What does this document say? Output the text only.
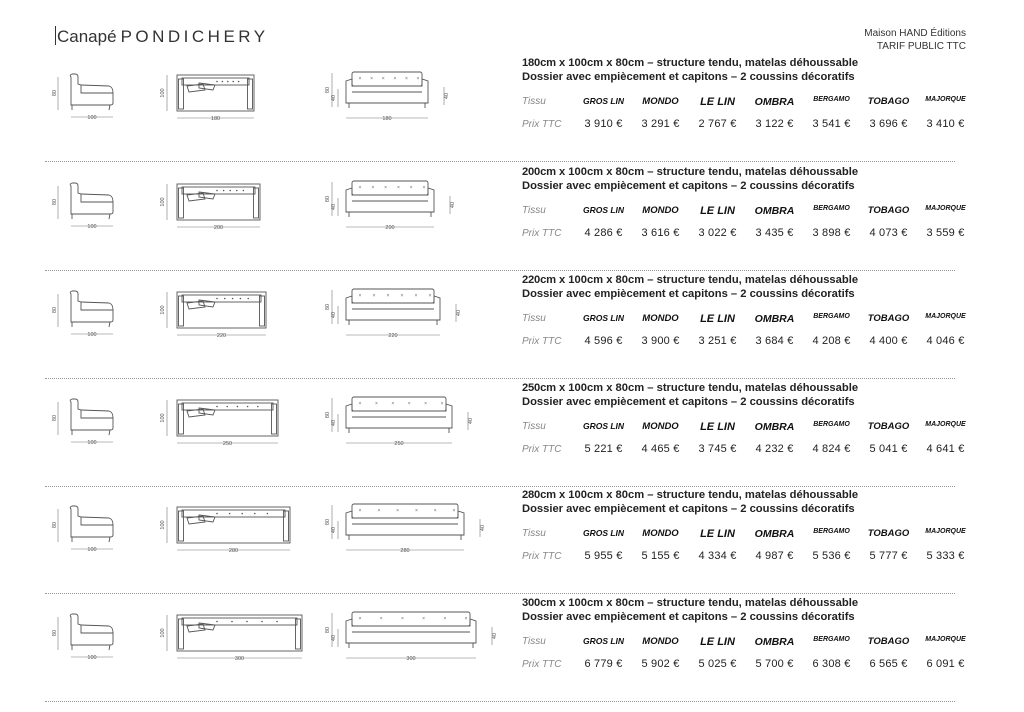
Canapé PONDICHERY	Maison HAND Éditions
TARIF PUBLIC TTC
80
100
100
180
× × × × × ×
80
40	40
180
180cm x 100cm x 80cm – structure tendu, matelas déhoussable
Dossier avec empiècement et capitons – 2 coussins décoratifs
Tissu	GROS LIN	MONDO	LE LIN	OMBRA	BERGAMO	TOBAGO	MAJORQUE
Prix TTC	3 910 €	3 291 €	2 767 €	3 122 €	3 541 €	3 696 €	3 410 €
80
100
100
200
× × × × × ×
80
40	40
200
200cm x 100cm x 80cm – structure tendu, matelas déhoussable
Dossier avec empiècement et capitons – 2 coussins décoratifs
Tissu	GROS LIN	MONDO	LE LIN	OMBRA	BERGAMO	TOBAGO	MAJORQUE
Prix TTC	4 286 €	3 616 €	3 022 €	3 435 €	3 898 €	4 073 €	3 559 €
80
100
100
220
× × × × × ×
80
40	40
220
220cm x 100cm x 80cm – structure tendu, matelas déhoussable
Dossier avec empiècement et capitons – 2 coussins décoratifs
Tissu	GROS LIN	MONDO	LE LIN	OMBRA	BERGAMO	TOBAGO	MAJORQUE
Prix TTC	4 596 €	3 900 €	3 251 €	3 684 €	4 208 €	4 400 €	4 046 €
80
100
100
250
×	×	×	×	×	×
80
40	40
250
250cm x 100cm x 80cm – structure tendu, matelas déhoussable
Dossier avec empiècement et capitons – 2 coussins décoratifs
Tissu	GROS LIN	MONDO	LE LIN	OMBRA	BERGAMO	TOBAGO	MAJORQUE
Prix TTC	5 221 €	4 465 €	3 745 €	4 232 €	4 824 €	5 041 €	4 641 €
80
100
100
280
×	×	×	×	×	×
80
40	40
280
280cm x 100cm x 80cm – structure tendu, matelas déhoussable
Dossier avec empiècement et capitons – 2 coussins décoratifs
Tissu	GROS LIN	MONDO	LE LIN	OMBRA	BERGAMO	TOBAGO	MAJORQUE
Prix TTC	5 955 €	5 155 €	4 334 €	4 987 €	5 536 €	5 777 €	5 333 €
80
100
100
300
×	×	×	×	×	×
80
40	40
300
300cm x 100cm x 80cm – structure tendu, matelas déhoussable
Dossier avec empiècement et capitons – 2 coussins décoratifs
Tissu	GROS LIN	MONDO	LE LIN	OMBRA	BERGAMO	TOBAGO	MAJORQUE
Prix TTC	6 779 €	5 902 €	5 025 €	5 700 €	6 308 €	6 565 €	6 091 €
